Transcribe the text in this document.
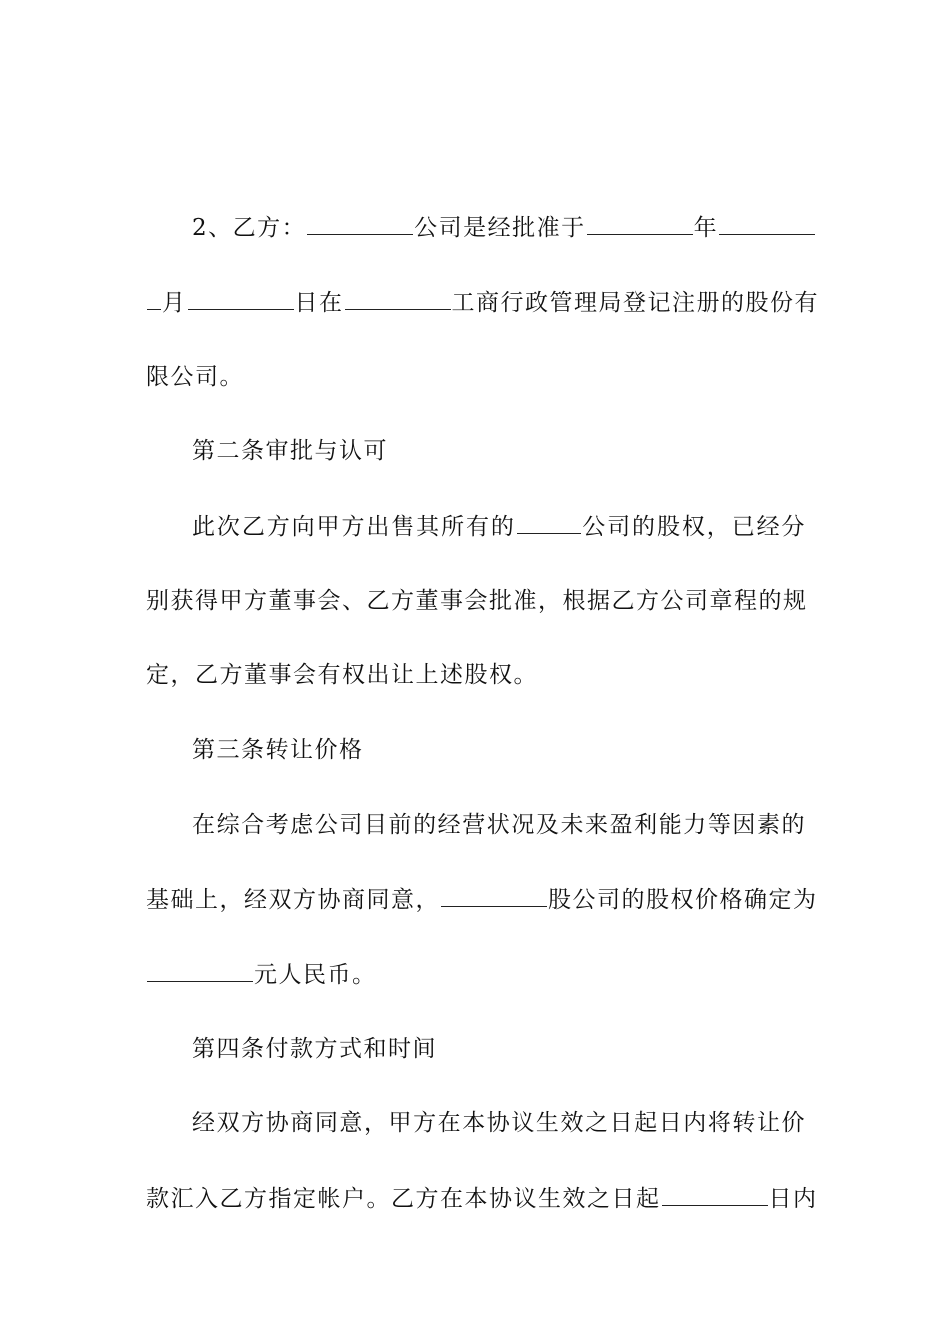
2、乙方：	公司是经批准于	年
月	日在	工商行政管理局登记注册的股份有
限公司。
第二条审批与认可
此次乙方向甲方出售其所有的	公司的股权，已经分
别获得甲方董事会、乙方董事会批准，根据乙方公司章程的规
定，乙方董事会有权出让上述股权。
第三条转让价格
在综合考虑公司目前的经营状况及未来盈利能力等因素的
基础上，经双方协商同意，	股公司的股权价格确定为
元人民币。
第四条付款方式和时间
经双方协商同意，甲方在本协议生效之日起日内将转让价
款汇入乙方指定帐户。乙方在本协议生效之日起	日内
